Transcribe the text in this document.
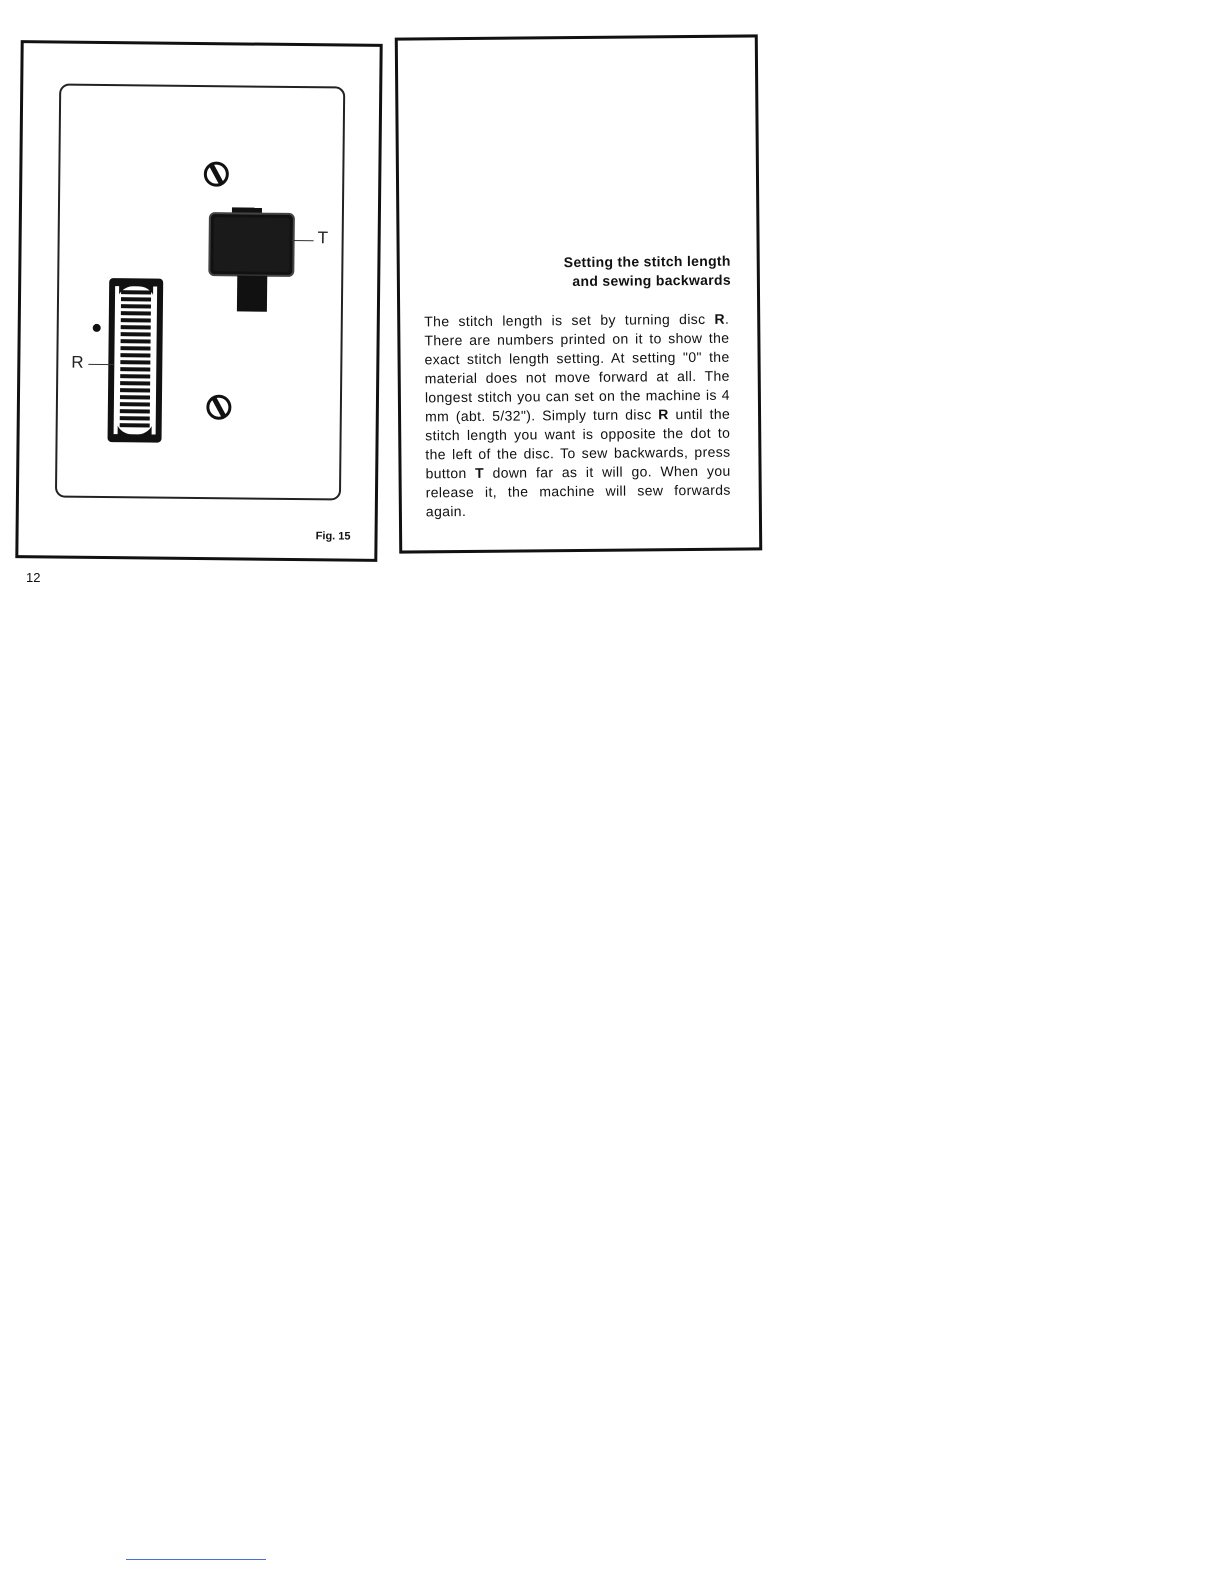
T
R
Fig. 15
Setting the stitch length
and sewing backwards

The stitch length is set by turning disc R. There are numbers printed on it to show the exact stitch length setting. At setting "0" the material does not move forward at all. The longest stitch you can set on the machine is 4 mm (abt. 5/32"). Simply turn disc R until the stitch length you want is opposite the dot to the left of the disc. To sew backwards, press button T down far as it will go. When you release it, the machine will sew forwards again.

12
